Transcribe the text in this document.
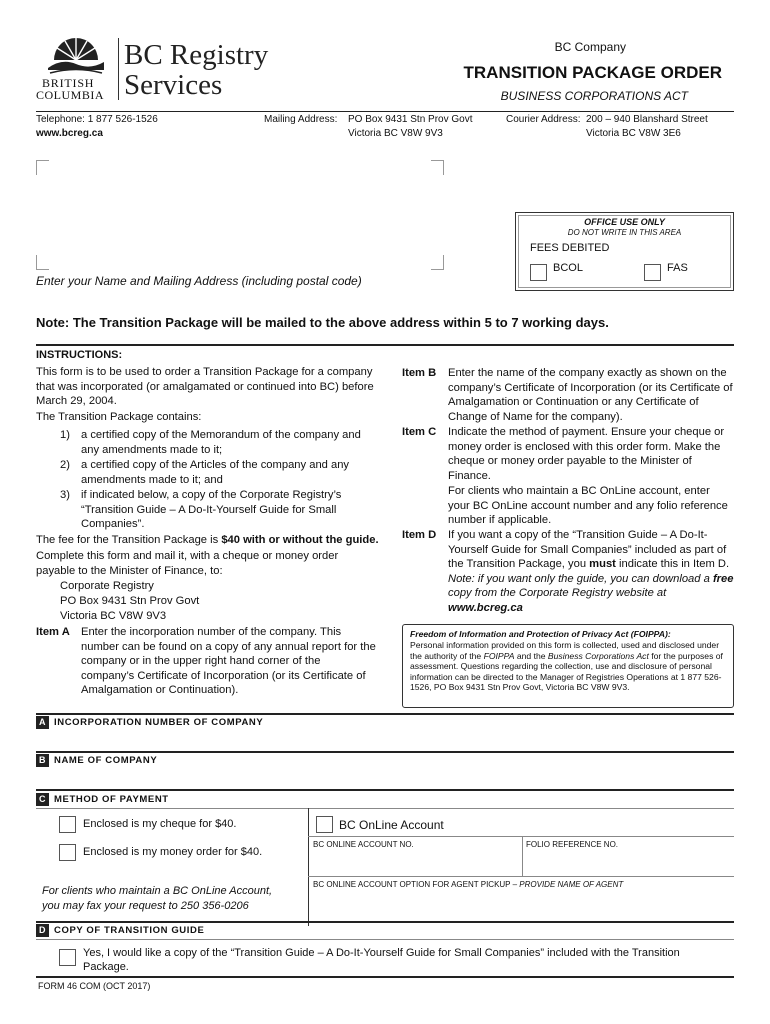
BRITISH
COLUMBIA
BC Registry
Services
BC Company
TRANSITION PACKAGE ORDER
BUSINESS CORPORATIONS ACT
Telephone: 1 877 526-1526
www.bcreg.ca
Mailing Address: PO Box 9431 Stn Prov Govt
Victoria BC V8W 9V3
Courier Address: 200 – 940 Blanshard Street
Victoria BC V8W 3E6
Enter your Name and Mailing Address (including postal code)
OFFICE USE ONLY
DO NOT WRITE IN THIS AREA
FEES DEBITED
BCOL	FAS
Note: The Transition Package will be mailed to the above address within 5 to 7 working days.
INSTRUCTIONS:
This form is to be used to order a Transition Package for a company that was incorporated (or amalgamated or continued into BC) before March 29, 2004.
The Transition Package contains:
1) a certified copy of the Memorandum of the company and any amendments made to it;
2) a certified copy of the Articles of the company and any amendments made to it; and
3) if indicated below, a copy of the Corporate Registry’s “Transition Guide – A Do-It-Yourself Guide for Small Companies”.
The fee for the Transition Package is $40 with or without the guide.
Complete this form and mail it, with a cheque or money order payable to the Minister of Finance, to:
Corporate Registry
PO Box 9431 Stn Prov Govt
Victoria BC V8W 9V3
Item A Enter the incorporation number of the company. This number can be found on a copy of any annual report for the company or in the upper right hand corner of the company’s Certificate of Incorporation (or its Certificate of Amalgamation or Continuation).
Item B Enter the name of the company exactly as shown on the company’s Certificate of Incorporation (or its Certificate of Amalgamation or Continuation or any Certificate of Change of Name for the company).
Item C Indicate the method of payment. Ensure your cheque or money order is enclosed with this order form. Make the cheque or money order payable to the Minister of Finance.
For clients who maintain a BC OnLine account, enter your BC OnLine account number and any folio reference number if applicable.
Item D If you want a copy of the “Transition Guide – A Do-It-Yourself Guide for Small Companies” included as part of the Transition Package, you must indicate this in Item D.
Note: if you want only the guide, you can download a free copy from the Corporate Registry website at www.bcreg.ca
Freedom of Information and Protection of Privacy Act (FOIPPA):
Personal information provided on this form is collected, used and disclosed under the authority of the FOIPPA and the Business Corporations Act for the purposes of assessment. Questions regarding the collection, use and disclosure of personal information can be directed to the Manager of Registries Operations at 1 877 526-1526, PO Box 9431 Stn Prov Govt, Victoria BC V8W 9V3.
A INCORPORATION NUMBER OF COMPANY
B NAME OF COMPANY
C METHOD OF PAYMENT
Enclosed is my cheque for $40.
Enclosed is my money order for $40.
BC OnLine Account
BC ONLINE ACCOUNT NO.	FOLIO REFERENCE NO.
BC ONLINE ACCOUNT OPTION FOR AGENT PICKUP – PROVIDE NAME OF AGENT
For clients who maintain a BC OnLine Account,
you may fax your request to 250 356-0206
D COPY OF TRANSITION GUIDE
Yes, I would like a copy of the “Transition Guide – A Do-It-Yourself Guide for Small Companies” included with the Transition Package.
FORM 46 COM (OCT 2017)
